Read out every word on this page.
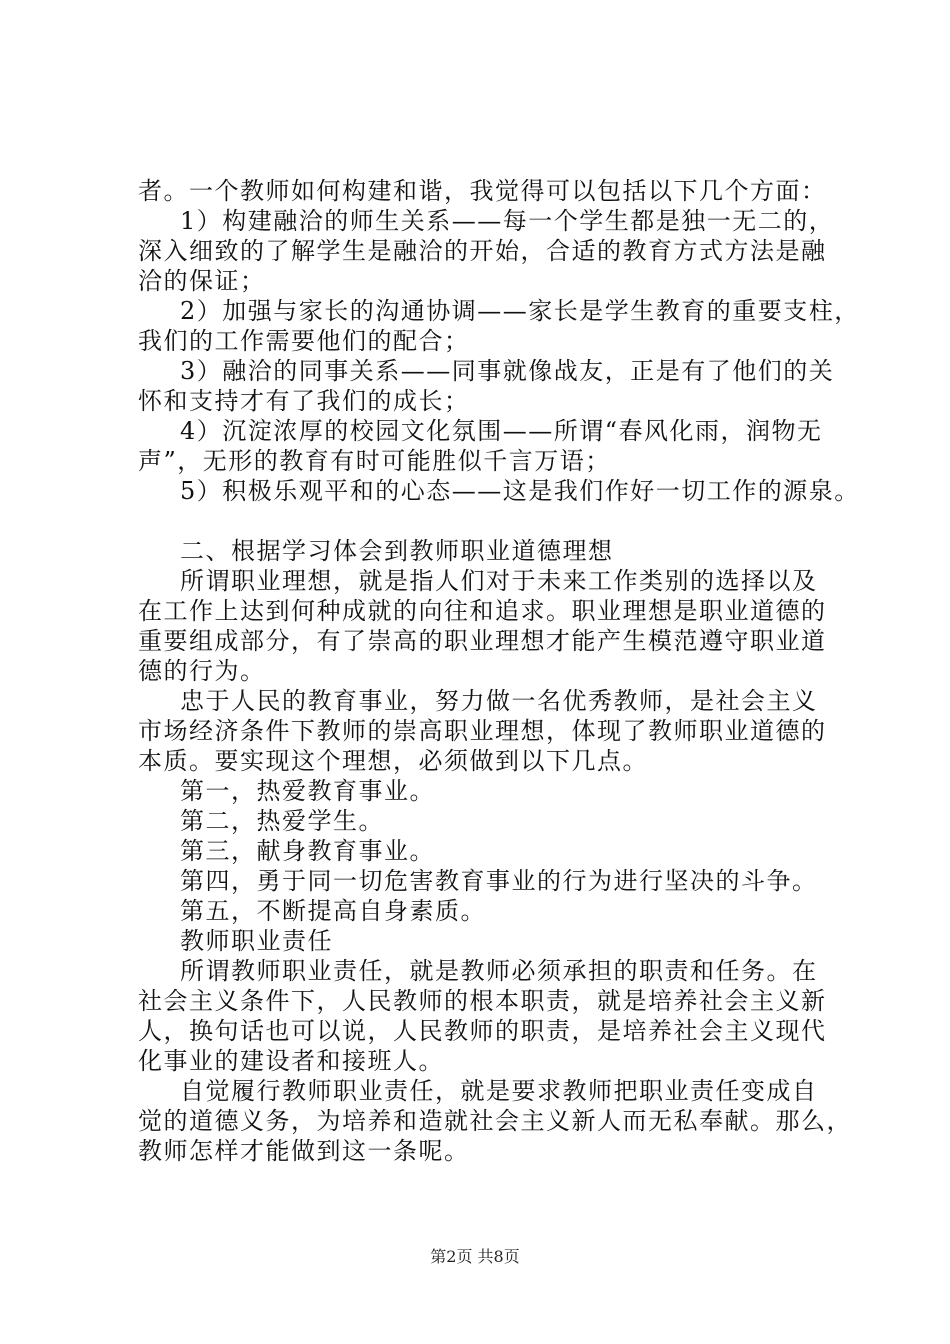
者。一个教师如何构建和谐，我觉得可以包括以下几个方面：
1）构建融洽的师生关系——每一个学生都是独一无二的，
深入细致的了解学生是融洽的开始，合适的教育方式方法是融
洽的保证；
2）加强与家长的沟通协调——家长是学生教育的重要支柱，
我们的工作需要他们的配合；
3）融洽的同事关系——同事就像战友，正是有了他们的关
怀和支持才有了我们的成长；
4）沉淀浓厚的校园文化氛围——所谓“春风化雨，润物无
声”，无形的教育有时可能胜似千言万语；
5）积极乐观平和的心态——这是我们作好一切工作的源泉。
二、根据学习体会到教师职业道德理想
所谓职业理想，就是指人们对于未来工作类别的选择以及
在工作上达到何种成就的向往和追求。职业理想是职业道德的
重要组成部分，有了崇高的职业理想才能产生模范遵守职业道
德的行为。
忠于人民的教育事业，努力做一名优秀教师，是社会主义
市场经济条件下教师的崇高职业理想，体现了教师职业道德的
本质。要实现这个理想，必须做到以下几点。
第一，热爱教育事业。
第二，热爱学生。
第三，献身教育事业。
第四，勇于同一切危害教育事业的行为进行坚决的斗争。
第五，不断提高自身素质。
教师职业责任
所谓教师职业责任，就是教师必须承担的职责和任务。在
社会主义条件下，人民教师的根本职责，就是培养社会主义新
人，换句话也可以说，人民教师的职责，是培养社会主义现代
化事业的建设者和接班人。
自觉履行教师职业责任，就是要求教师把职业责任变成自
觉的道德义务，为培养和造就社会主义新人而无私奉献。那么，
教师怎样才能做到这一条呢。
第2页 共8页
